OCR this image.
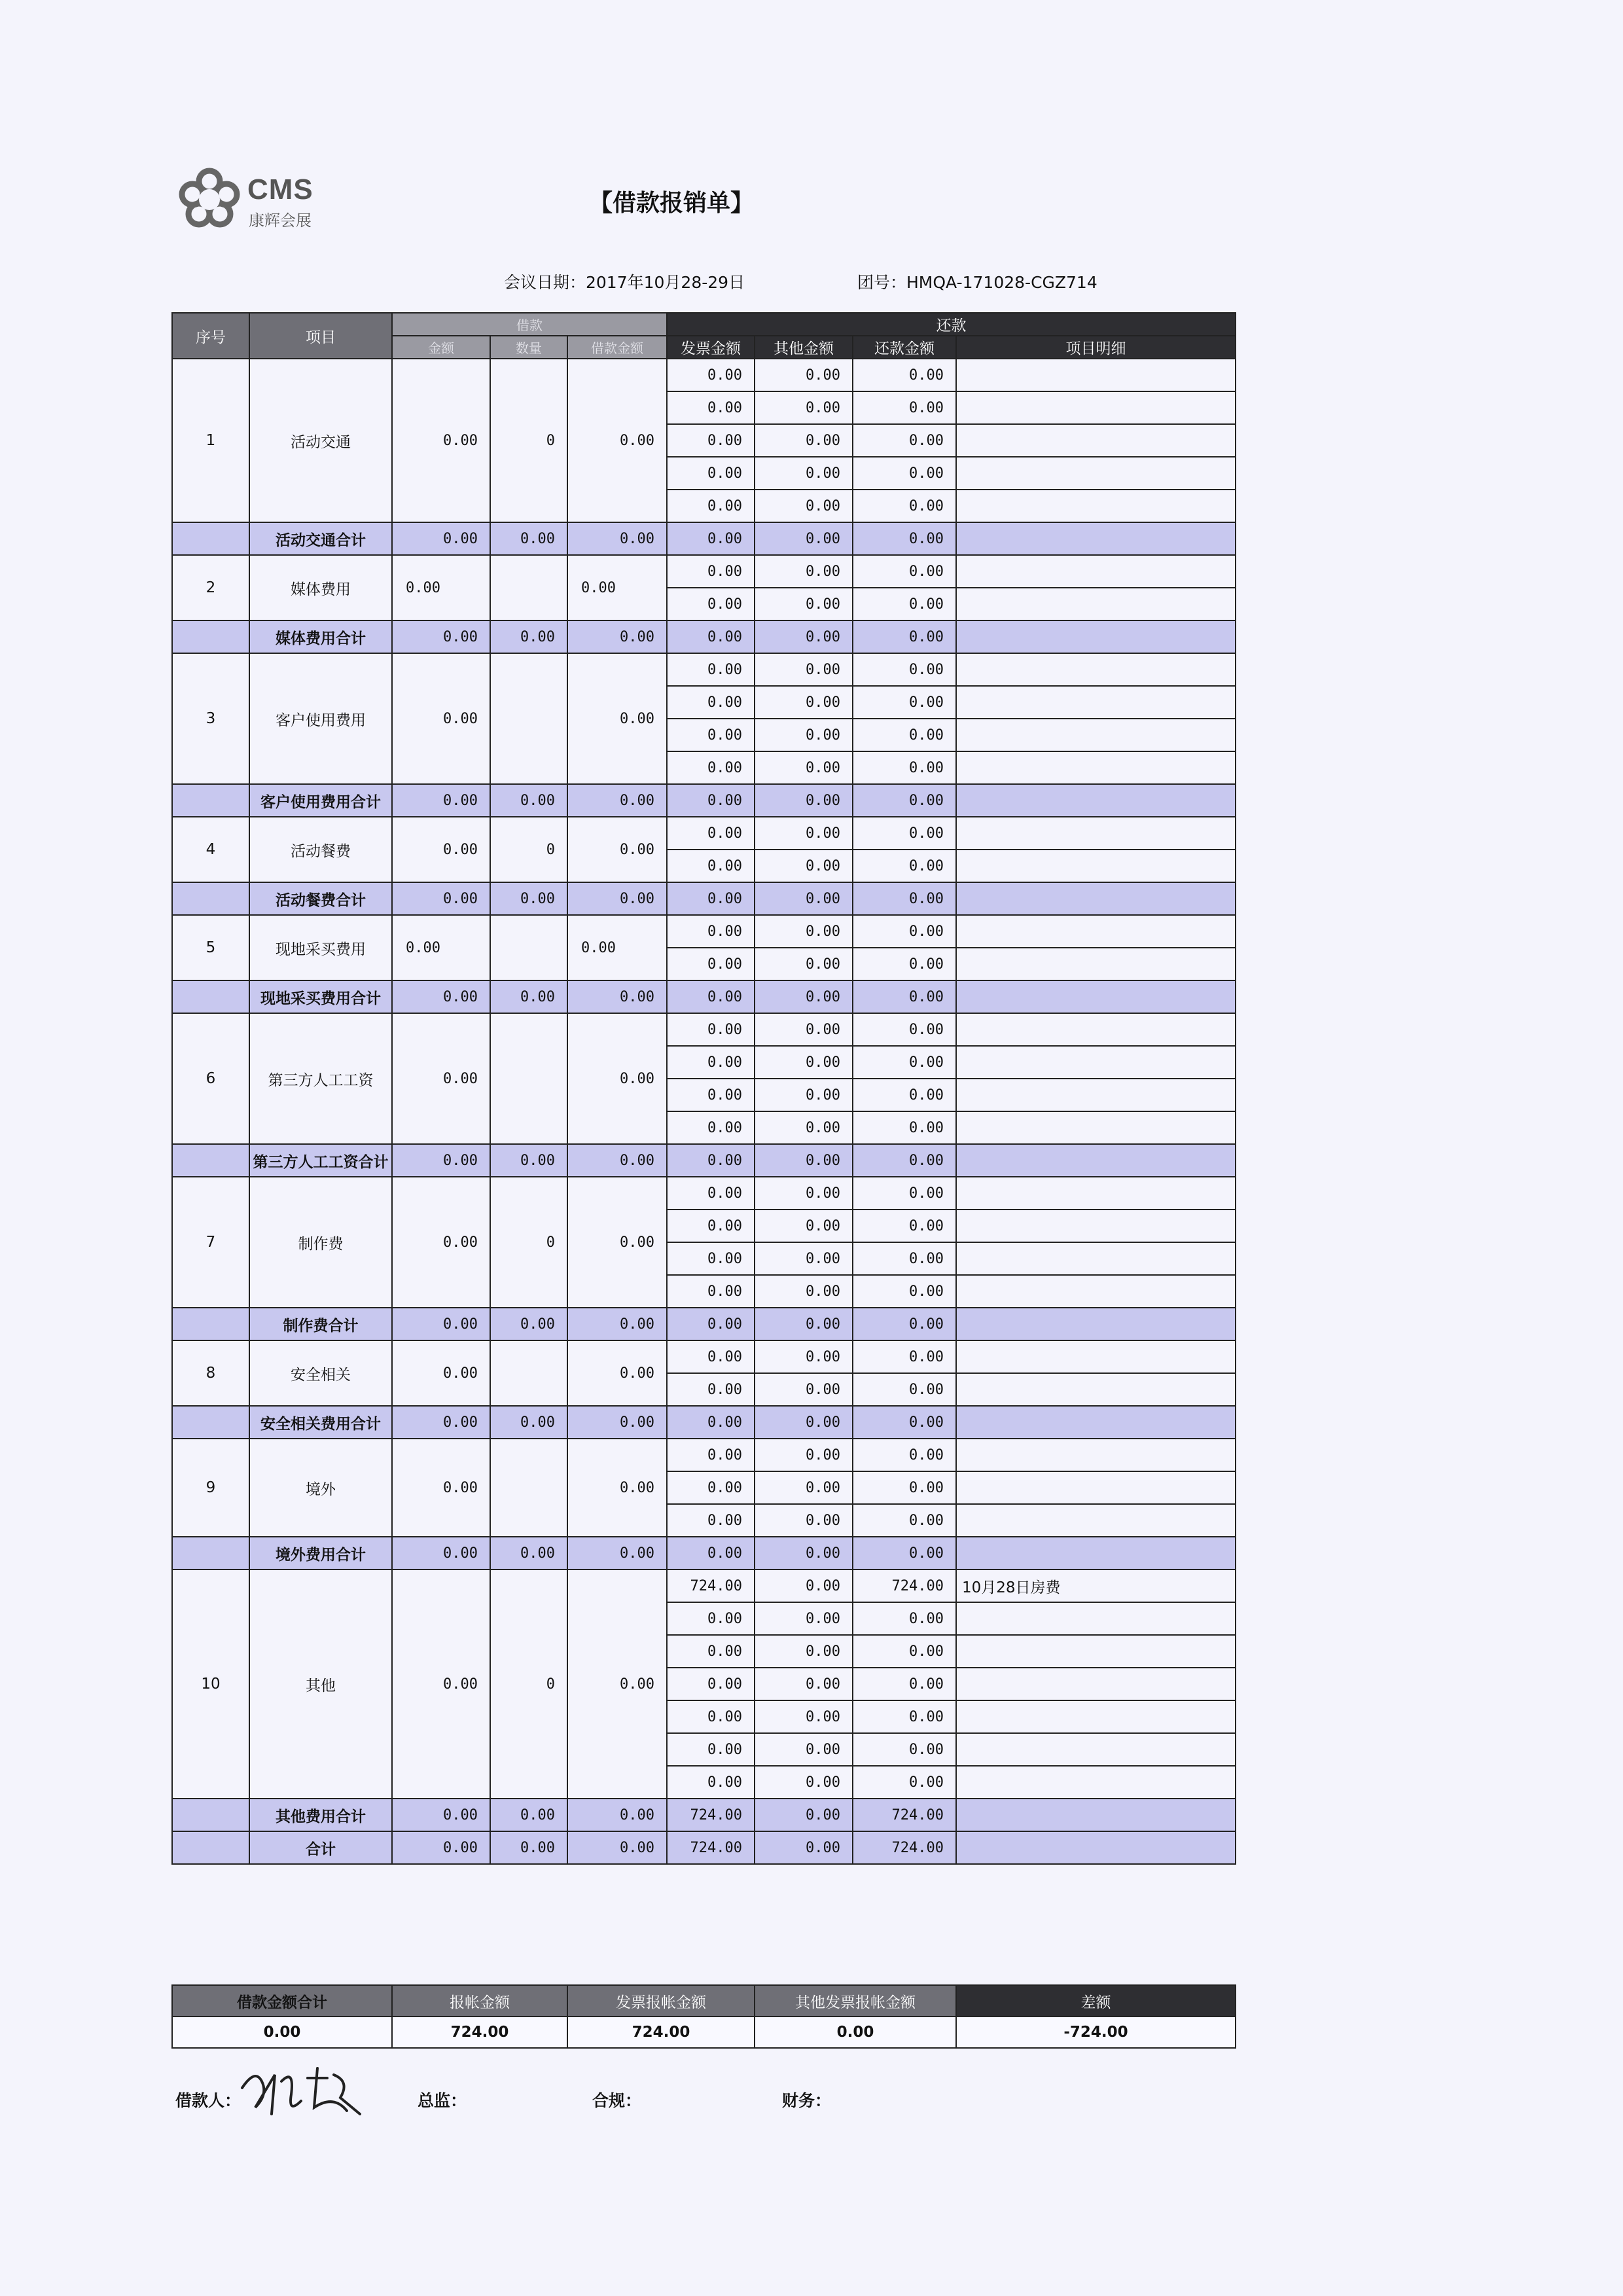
CMS
康辉会展
【借款报销单】
会议日期：2017年10月28-29日	团号：HMQA-171028-CGZ714
序号	项目	借款			还款			
		金额	数量	借款金额	发票金额	其他金额	还款金额	项目明细
1	活动交通	0.00	0	0.00	0.00	0.00	0.00	
					0.00	0.00	0.00	
					0.00	0.00	0.00	
					0.00	0.00	0.00	
					0.00	0.00	0.00	
	活动交通合计	0.00	0.00	0.00	0.00	0.00	0.00	
2	媒体费用	0.00		0.00	0.00	0.00	0.00	
					0.00	0.00	0.00	
	媒体费用合计	0.00	0.00	0.00	0.00	0.00	0.00	
3	客户使用费用	0.00		0.00	0.00	0.00	0.00	
					0.00	0.00	0.00	
					0.00	0.00	0.00	
					0.00	0.00	0.00	
	客户使用费用合计	0.00	0.00	0.00	0.00	0.00	0.00	
4	活动餐费	0.00	0	0.00	0.00	0.00	0.00	
					0.00	0.00	0.00	
	活动餐费合计	0.00	0.00	0.00	0.00	0.00	0.00	
5	现地采买费用	0.00		0.00	0.00	0.00	0.00	
					0.00	0.00	0.00	
	现地采买费用合计	0.00	0.00	0.00	0.00	0.00	0.00	
6	第三方人工工资	0.00		0.00	0.00	0.00	0.00	
					0.00	0.00	0.00	
					0.00	0.00	0.00	
					0.00	0.00	0.00	
	第三方人工工资合计	0.00	0.00	0.00	0.00	0.00	0.00	
7	制作费	0.00	0	0.00	0.00	0.00	0.00	
					0.00	0.00	0.00	
					0.00	0.00	0.00	
					0.00	0.00	0.00	
	制作费合计	0.00	0.00	0.00	0.00	0.00	0.00	
8	安全相关	0.00		0.00	0.00	0.00	0.00	
					0.00	0.00	0.00	
	安全相关费用合计	0.00	0.00	0.00	0.00	0.00	0.00	
9	境外	0.00		0.00	0.00	0.00	0.00	
					0.00	0.00	0.00	
					0.00	0.00	0.00	
	境外费用合计	0.00	0.00	0.00	0.00	0.00	0.00	
10	其他	0.00	0	0.00	724.00	0.00	724.00	10月28日房费
					0.00	0.00	0.00	
					0.00	0.00	0.00	
					0.00	0.00	0.00	
					0.00	0.00	0.00	
					0.00	0.00	0.00	
					0.00	0.00	0.00	
	其他费用合计	0.00	0.00	0.00	724.00	0.00	724.00	
	合计	0.00	0.00	0.00	724.00	0.00	724.00	
借款金额合计	报帐金额	发票报帐金额	其他发票报帐金额	差额
0.00	724.00	724.00	0.00	-724.00
借款人：	总监：	合规：	财务：
